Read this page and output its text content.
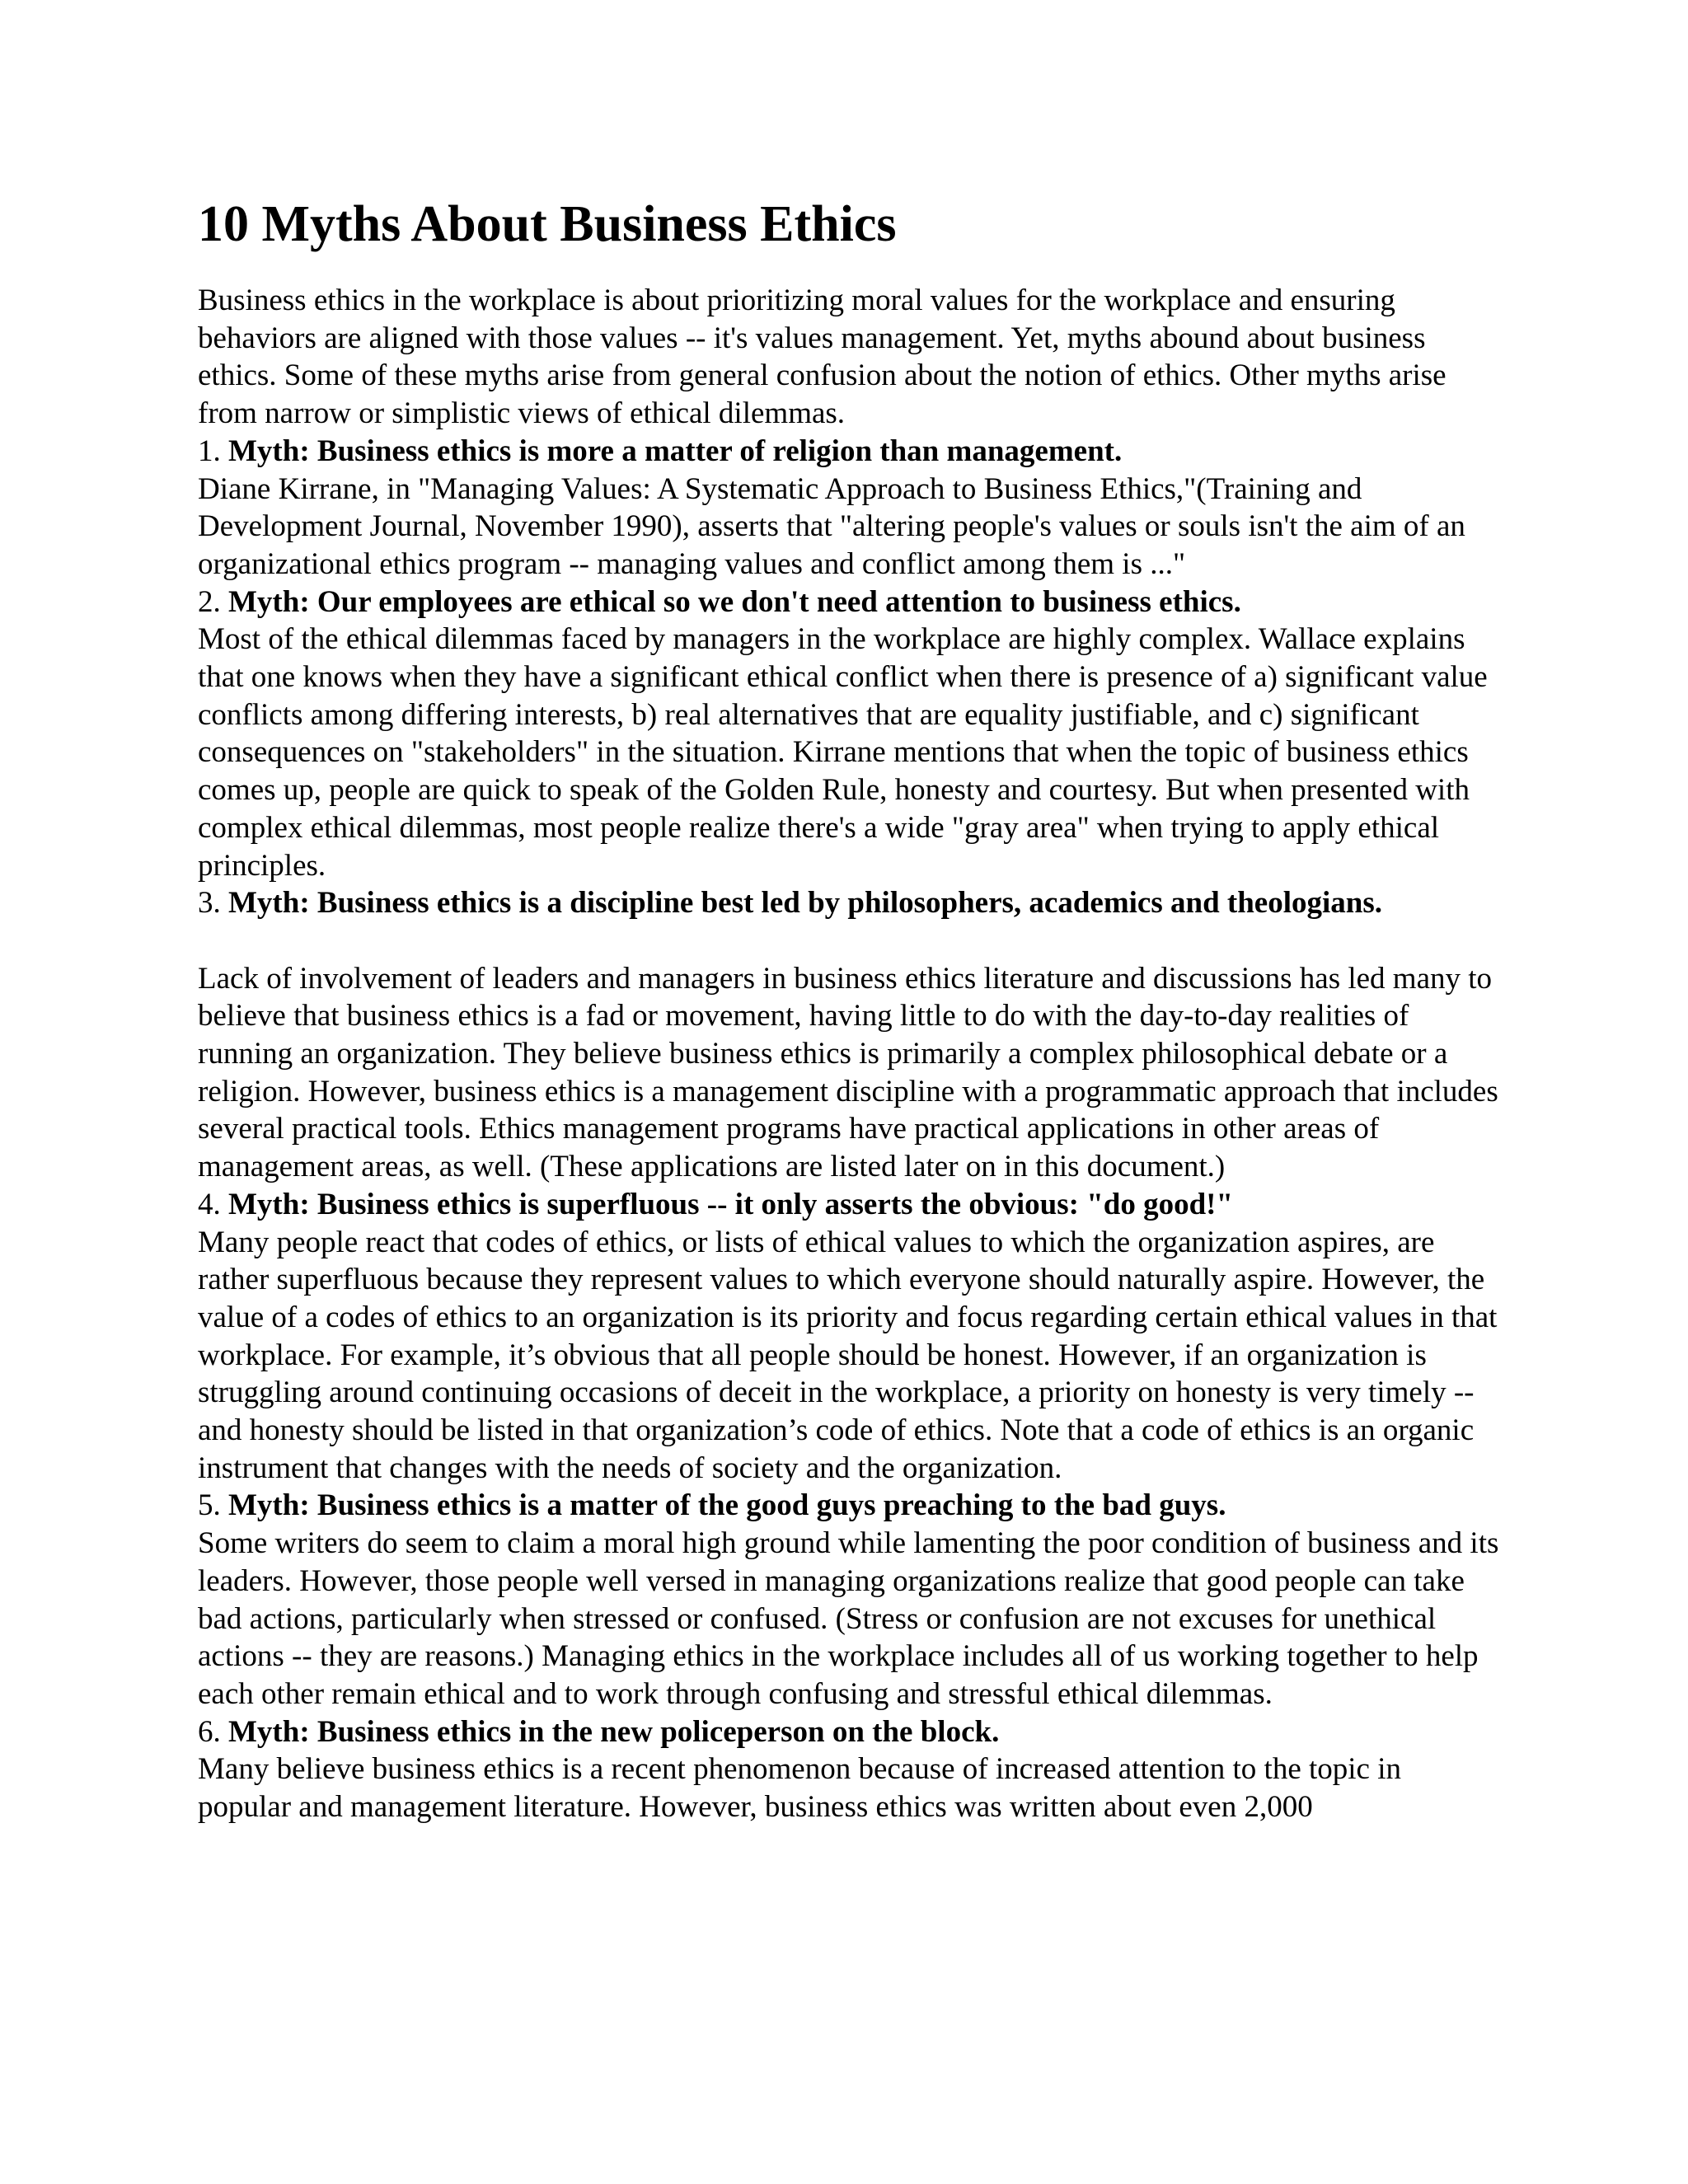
10 Myths About Business Ethics

Business ethics in the workplace is about prioritizing moral values for the workplace and ensuring behaviors are aligned with those values -- it's values management. Yet, myths abound about business ethics. Some of these myths arise from general confusion about the notion of ethics. Other myths arise from narrow or simplistic views of ethical dilemmas.

1. Myth: Business ethics is more a matter of religion than management.

Diane Kirrane, in "Managing Values: A Systematic Approach to Business Ethics,"(Training and Development Journal, November 1990), asserts that "altering people's values or souls isn't the aim of an organizational ethics program -- managing values and conflict among them is ..."

2. Myth: Our employees are ethical so we don't need attention to business ethics.

Most of the ethical dilemmas faced by managers in the workplace are highly complex. Wallace explains that one knows when they have a significant ethical conflict when there is presence of a) significant value conflicts among differing interests, b) real alternatives that are equality justifiable, and c) significant consequences on "stakeholders" in the situation. Kirrane mentions that when the topic of business ethics comes up, people are quick to speak of the Golden Rule, honesty and courtesy. But when presented with complex ethical dilemmas, most people realize there's a wide "gray area" when trying to apply ethical principles.

3. Myth: Business ethics is a discipline best led by philosophers, academics and theologians.

Lack of involvement of leaders and managers in business ethics literature and discussions has led many to believe that business ethics is a fad or movement, having little to do with the day-to-day realities of running an organization. They believe business ethics is primarily a complex philosophical debate or a religion. However, business ethics is a management discipline with a programmatic approach that includes several practical tools. Ethics management programs have practical applications in other areas of management areas, as well. (These applications are listed later on in this document.)

4. Myth: Business ethics is superfluous -- it only asserts the obvious: "do good!"

Many people react that codes of ethics, or lists of ethical values to which the organization aspires, are rather superfluous because they represent values to which everyone should naturally aspire. However, the value of a codes of ethics to an organization is its priority and focus regarding certain ethical values in that workplace. For example, it’s obvious that all people should be honest. However, if an organization is struggling around continuing occasions of deceit in the workplace, a priority on honesty is very timely -- and honesty should be listed in that organization’s code of ethics. Note that a code of ethics is an organic instrument that changes with the needs of society and the organization.

5. Myth: Business ethics is a matter of the good guys preaching to the bad guys.

Some writers do seem to claim a moral high ground while lamenting the poor condition of business and its leaders. However, those people well versed in managing organizations realize that good people can take bad actions, particularly when stressed or confused. (Stress or confusion are not excuses for unethical actions -- they are reasons.) Managing ethics in the workplace includes all of us working together to help each other remain ethical and to work through confusing and stressful ethical dilemmas.

6. Myth: Business ethics in the new policeperson on the block.

Many believe business ethics is a recent phenomenon because of increased attention to the topic in popular and management literature. However, business ethics was written about even 2,000
